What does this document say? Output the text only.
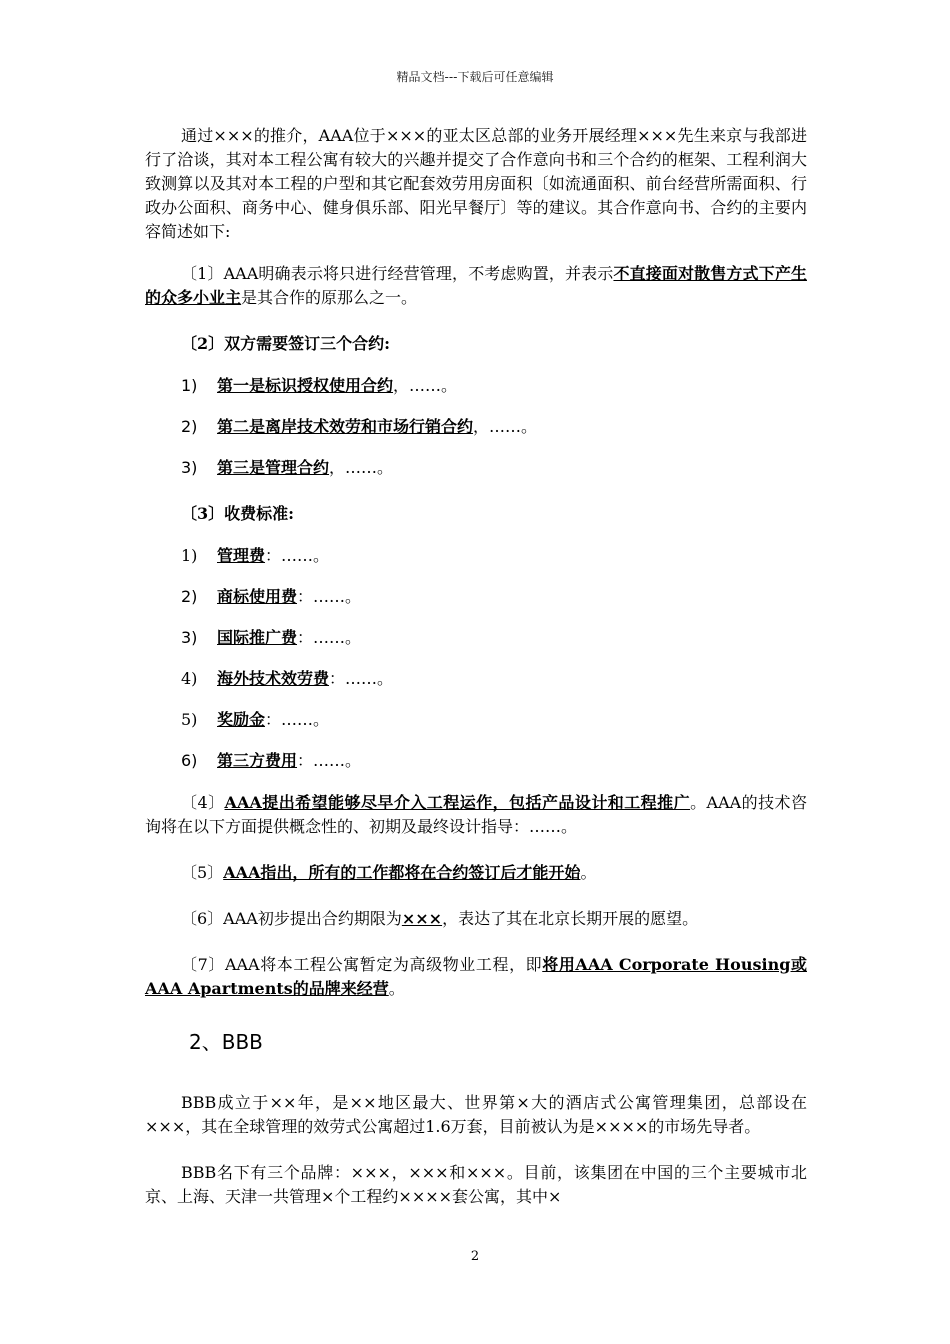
精品文档---下载后可任意编辑

通过×××的推介，AAA位于×××的亚太区总部的业务开展经理×××先生来京与我部进行了洽谈，其对本工程公寓有较大的兴趣并提交了合作意向书和三个合约的框架、工程利润大致测算以及其对本工程的户型和其它配套效劳用房面积〔如流通面积、前台经营所需面积、行政办公面积、商务中心、健身俱乐部、阳光早餐厅〕等的建议。其合作意向书、合约的主要内容简述如下:

〔1〕AAA明确表示将只进行经营管理，不考虑购置，并表示不直接面对散售方式下产生的众多小业主是其合作的原那么之一。

〔2〕双方需要签订三个合约:

1) 第一是标识授权使用合约，……。

2) 第二是离岸技术效劳和市场行销合约，……。

3) 第三是管理合约，……。

〔3〕收费标准:

1) 管理费：……。

2) 商标使用费：……。

3) 国际推广费：……。

4) 海外技术效劳费：……。

5) 奖励金：……。

6) 第三方费用：……。

〔4〕AAA提出希望能够尽早介入工程运作，包括产品设计和工程推广。AAA的技术咨询将在以下方面提供概念性的、初期及最终设计指导：……。

〔5〕AAA指出，所有的工作都将在合约签订后才能开始。

〔6〕AAA初步提出合约期限为×××，表达了其在北京长期开展的愿望。

〔7〕AAA将本工程公寓暂定为高级物业工程，即将用AAA Corporate Housing或AAA Apartments的品牌来经营。

2、BBB

BBB成立于××年，是××地区最大、世界第×大的酒店式公寓管理集团，总部设在×××，其在全球管理的效劳式公寓超过1.6万套，目前被认为是××××的市场先导者。

BBB名下有三个品牌：×××，×××和×××。目前，该集团在中国的三个主要城市北京、上海、天津一共管理×个工程约××××套公寓，其中×

2
